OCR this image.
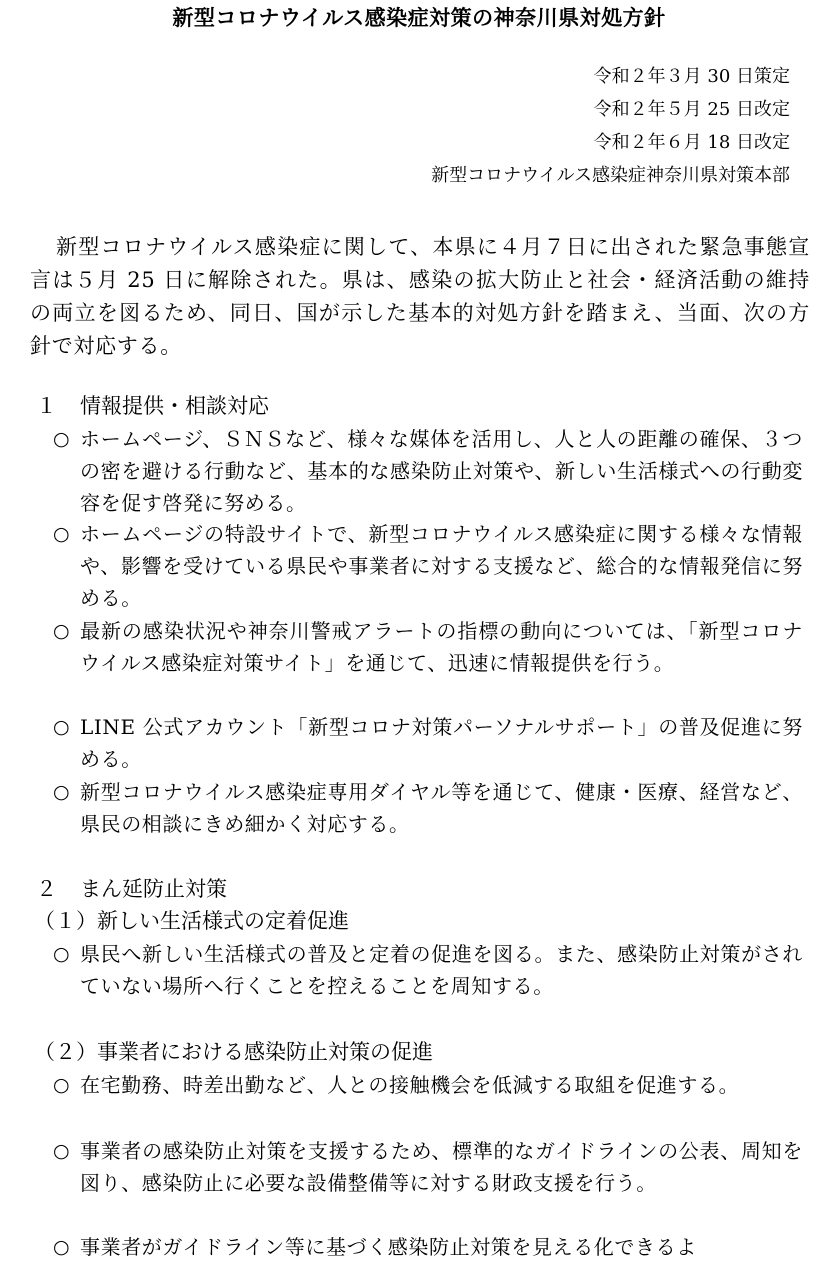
新型コロナウイルス感染症対策の神奈川県対処方針
令和２年３月 30 日策定
令和２年５月 25 日改定
令和２年６月 18 日改定
新型コロナウイルス感染症神奈川県対策本部
新型コロナウイルス感染症に関して、本県に４月７日に出された緊急事態宣言は５月 25 日に解除された。県は、感染の拡大防止と社会・経済活動の維持の両立を図るため、同日、国が示した基本的対処方針を踏まえ、当面、次の方針で対応する。
１ 情報提供・相談対応
○ ホームページ、ＳＮＳなど、様々な媒体を活用し、人と人の距離の確保、３つの密を避ける行動など、基本的な感染防止対策や、新しい生活様式への行動変容を促す啓発に努める。
○ ホームページの特設サイトで、新型コロナウイルス感染症に関する様々な情報や、影響を受けている県民や事業者に対する支援など、総合的な情報発信に努める。
○ 最新の感染状況や神奈川警戒アラートの指標の動向については、「新型コロナウイルス感染症対策サイト」を通じて、迅速に情報提供を行う。
○ LINE 公式アカウント「新型コロナ対策パーソナルサポート」の普及促進に努める。
○ 新型コロナウイルス感染症専用ダイヤル等を通じて、健康・医療、経営など、県民の相談にきめ細かく対応する。
２ まん延防止対策
（１）新しい生活様式の定着促進
○ 県民へ新しい生活様式の普及と定着の促進を図る。また、感染防止対策がされていない場所へ行くことを控えることを周知する。
（２）事業者における感染防止対策の促進
○ 在宅勤務、時差出勤など、人との接触機会を低減する取組を促進する。
○ 事業者の感染防止対策を支援するため、標準的なガイドラインの公表、周知を図り、感染防止に必要な設備整備等に対する財政支援を行う。
○ 事業者がガイドライン等に基づく感染防止対策を見える化できるよ
